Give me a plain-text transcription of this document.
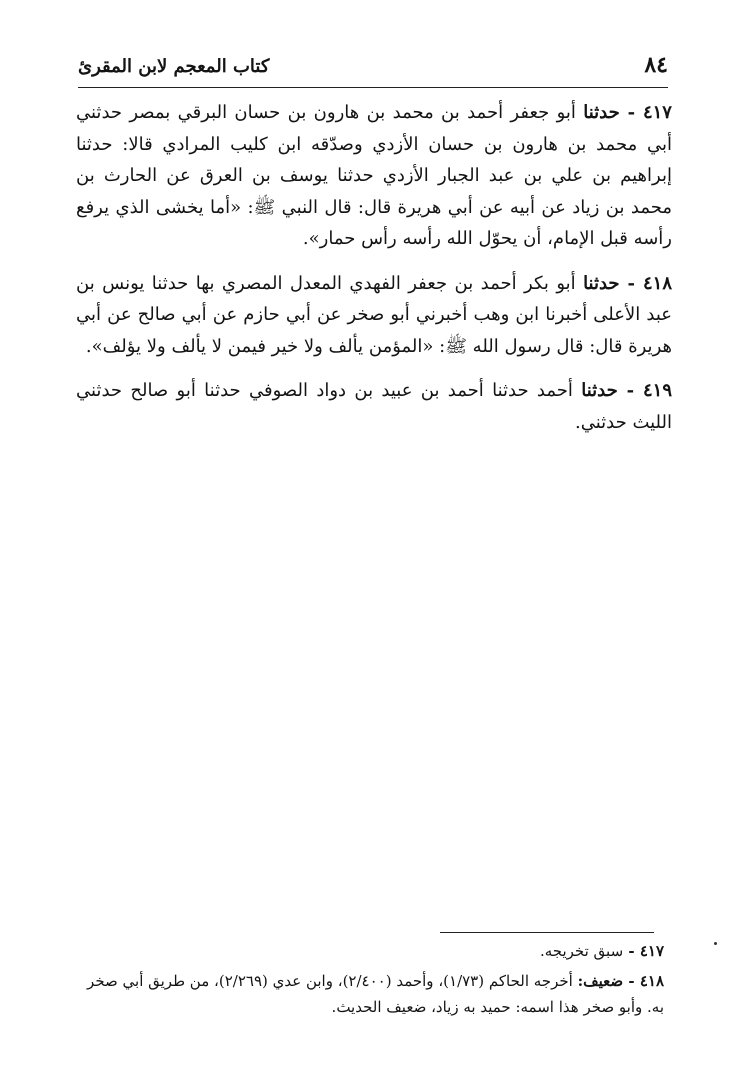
٨٤
كتاب المعجم لابن المقرئ

٤١٧ - حدثنا أبو جعفر أحمد بن محمد بن هارون بن حسان البرقي بمصر حدثني أبي محمد بن هارون بن حسان الأزدي وصدّقه ابن كليب المرادي قالا: حدثنا إبراهيم بن علي بن عبد الجبار الأزدي حدثنا يوسف بن العرق عن الحارث بن محمد بن زياد عن أبيه عن أبي هريرة قال: قال النبي ﷺ: «أما يخشى الذي يرفع رأسه قبل الإمام، أن يحوّل الله رأسه رأس حمار».

٤١٨ - حدثنا أبو بكر أحمد بن جعفر الفهدي المعدل المصري بها حدثنا يونس بن عبد الأعلى أخبرنا ابن وهب أخبرني أبو صخر عن أبي حازم عن أبي صالح عن أبي هريرة قال: قال رسول الله ﷺ: «المؤمن يألف ولا خير فيمن لا يألف ولا يؤلف».

٤١٩ - حدثنا أحمد حدثنا أحمد بن عبيد بن دواد الصوفي حدثنا أبو صالح حدثني الليث حدثني.

٤١٧ - سبق تخريجه.

٤١٨ - ضعيف: أخرجه الحاكم (١/٧٣)، وأحمد (٢/٤٠٠)، وابن عدي (٢/٢٦٩)، من طريق أبي صخر به. وأبو صخر هذا اسمه: حميد به زياد، ضعيف الحديث.
